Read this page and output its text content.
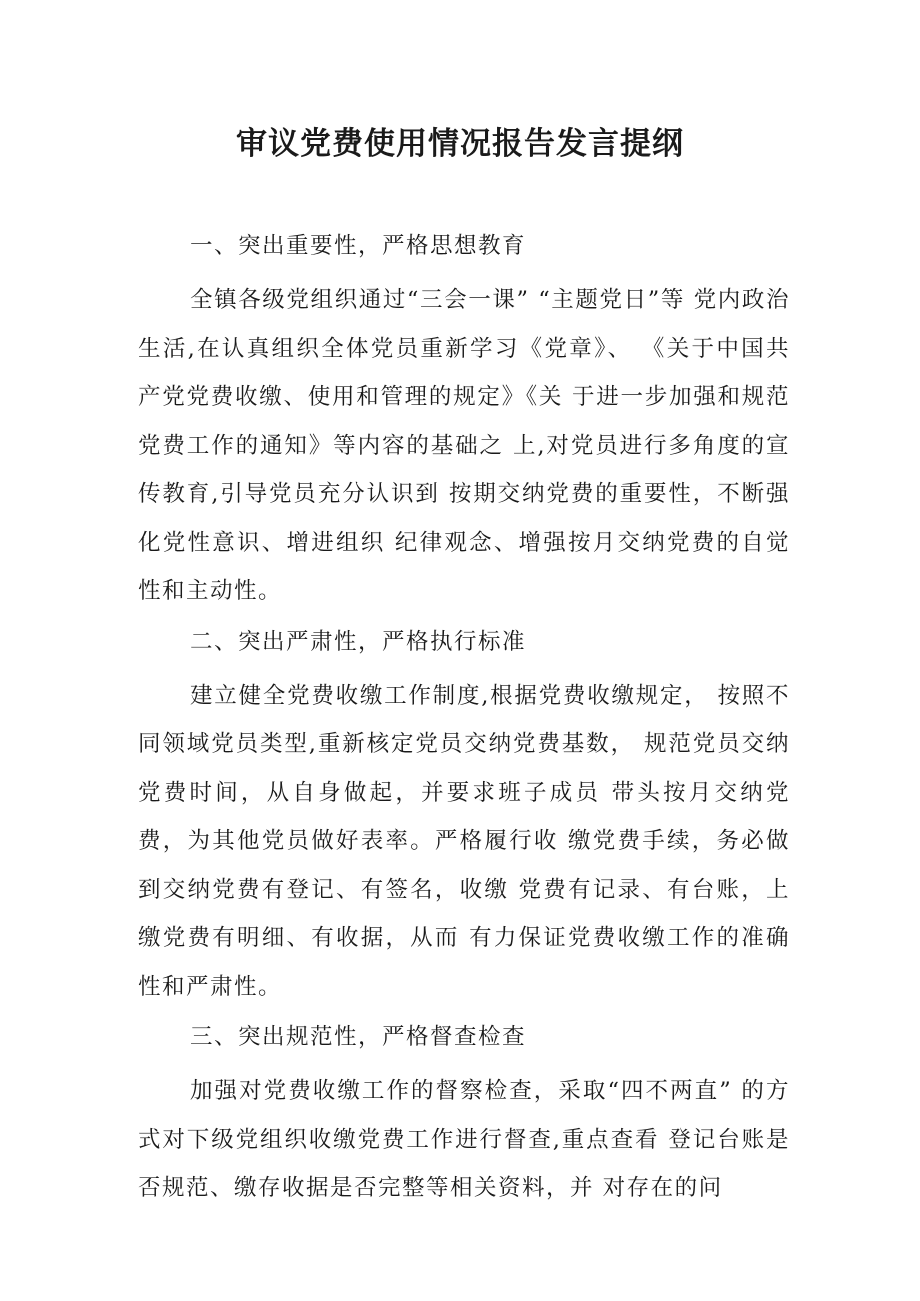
审议党费使用情况报告发言提纲

一、突出重要性，严格思想教育

全镇各级党组织通过“三会一课” “主题党日”等 党内政治生活,在认真组织全体党员重新学习《党章》、 《关于中国共产党党费收缴、使用和管理的规定》《关 于进一步加强和规范党费工作的通知》等内容的基础之 上,对党员进行多角度的宣传教育,引导党员充分认识到 按期交纳党费的重要性，不断强化党性意识、增进组织 纪律观念、增强按月交纳党费的自觉性和主动性。

二、突出严肃性，严格执行标准

建立健全党费收缴工作制度,根据党费收缴规定， 按照不同领域党员类型,重新核定党员交纳党费基数， 规范党员交纳党费时间，从自身做起，并要求班子成员 带头按月交纳党费，为其他党员做好表率。严格履行收 缴党费手续，务必做到交纳党费有登记、有签名，收缴 党费有记录、有台账，上缴党费有明细、有收据，从而 有力保证党费收缴工作的准确性和严肃性。

三、突出规范性，严格督查检查

加强对党费收缴工作的督察检查，采取“四不两直” 的方式对下级党组织收缴党费工作进行督查,重点查看 登记台账是否规范、缴存收据是否完整等相关资料，并 对存在的问
